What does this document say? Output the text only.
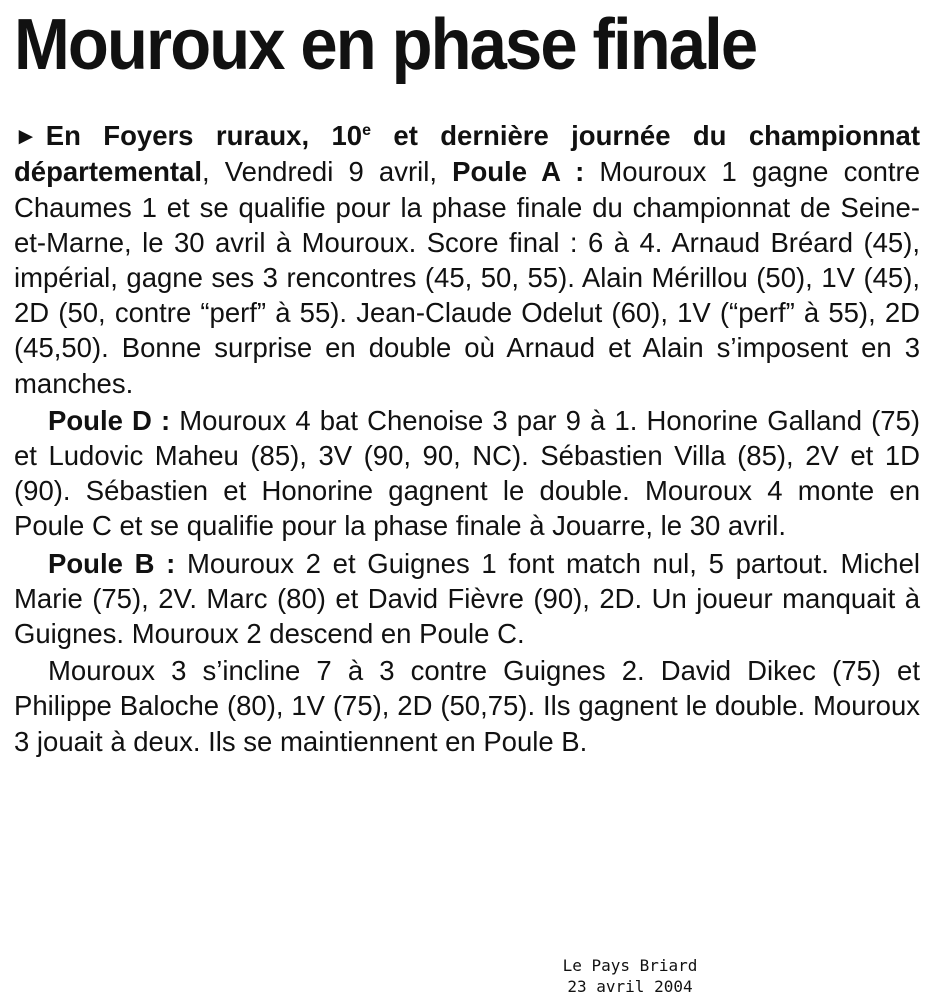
Mouroux en phase finale

► En Foyers ruraux, 10e et dernière journée du championnat départemental, Vendredi 9 avril, Poule A : Mouroux 1 gagne contre Chaumes 1 et se qualifie pour la phase finale du championnat de Seine-et-Marne, le 30 avril à Mouroux. Score final : 6 à 4. Arnaud Bréard (45), impérial, gagne ses 3 rencontres (45, 50, 55). Alain Mérillou (50), 1V (45), 2D (50, contre “perf” à 55). Jean-Claude Odelut (60), 1V (“perf” à 55), 2D (45,50). Bonne surprise en double où Arnaud et Alain s’imposent en 3 manches.

Poule D : Mouroux 4 bat Chenoise 3 par 9 à 1. Honorine Galland (75) et Ludovic Maheu (85), 3V (90, 90, NC). Sébastien Villa (85), 2V et 1D (90). Sébastien et Honorine gagnent le double. Mouroux 4 monte en Poule C et se qualifie pour la phase finale à Jouarre, le 30 avril.

Poule B : Mouroux 2 et Guignes 1 font match nul, 5 partout. Michel Marie (75), 2V. Marc (80) et David Fièvre (90), 2D. Un joueur manquait à Guignes. Mouroux 2 descend en Poule C.

Mouroux 3 s’incline 7 à 3 contre Guignes 2. David Dikec (75) et Philippe Baloche (80), 1V (75), 2D (50,75). Ils gagnent le double. Mouroux 3 jouait à deux. Ils se maintiennent en Poule B.

Le Pays Briard
23 avril 2004
